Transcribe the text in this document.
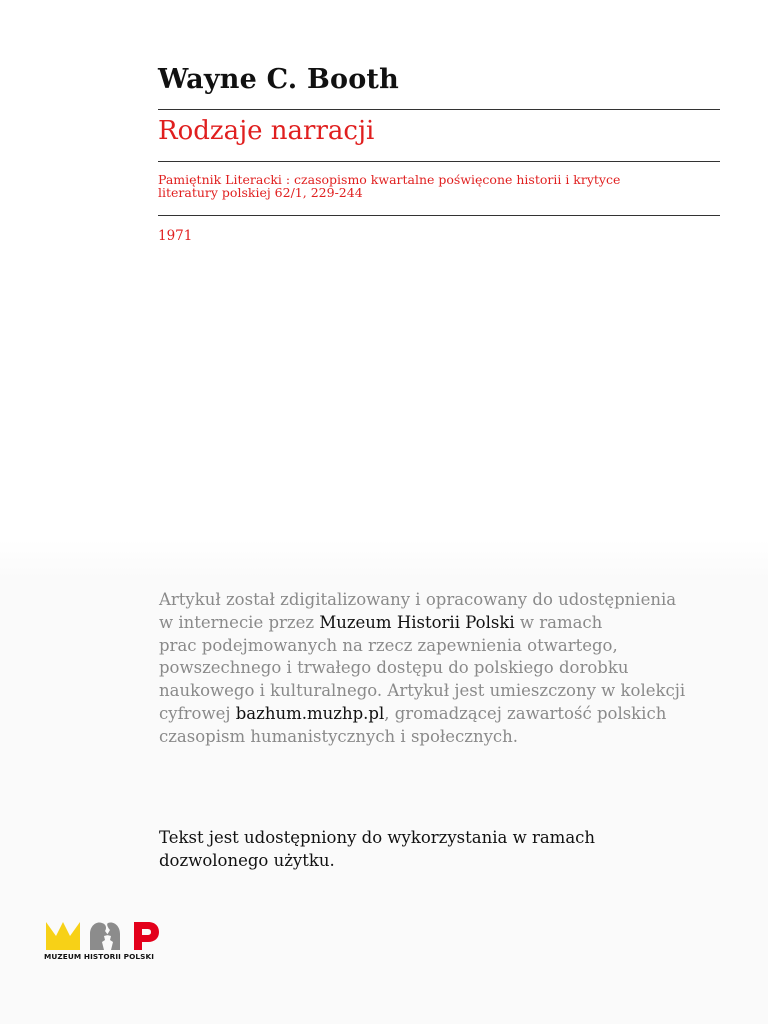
Wayne C. Booth
Rodzaje narracji
Pamiętnik Literacki : czasopismo kwartalne poświęcone historii i krytyce
literatury polskiej 62/1, 229-244
1971
Artykuł został zdigitalizowany i opracowany do udostępnienia
w internecie przez Muzeum Historii Polski w ramach
prac podejmowanych na rzecz zapewnienia otwartego,
powszechnego i trwałego dostępu do polskiego dorobku
naukowego i kulturalnego. Artykuł jest umieszczony w kolekcji
cyfrowej bazhum.muzhp.pl, gromadzącej zawartość polskich
czasopism humanistycznych i społecznych.
Tekst jest udostępniony do wykorzystania w ramach
dozwolonego użytku.
MUZEUM HISTORII POLSKI
